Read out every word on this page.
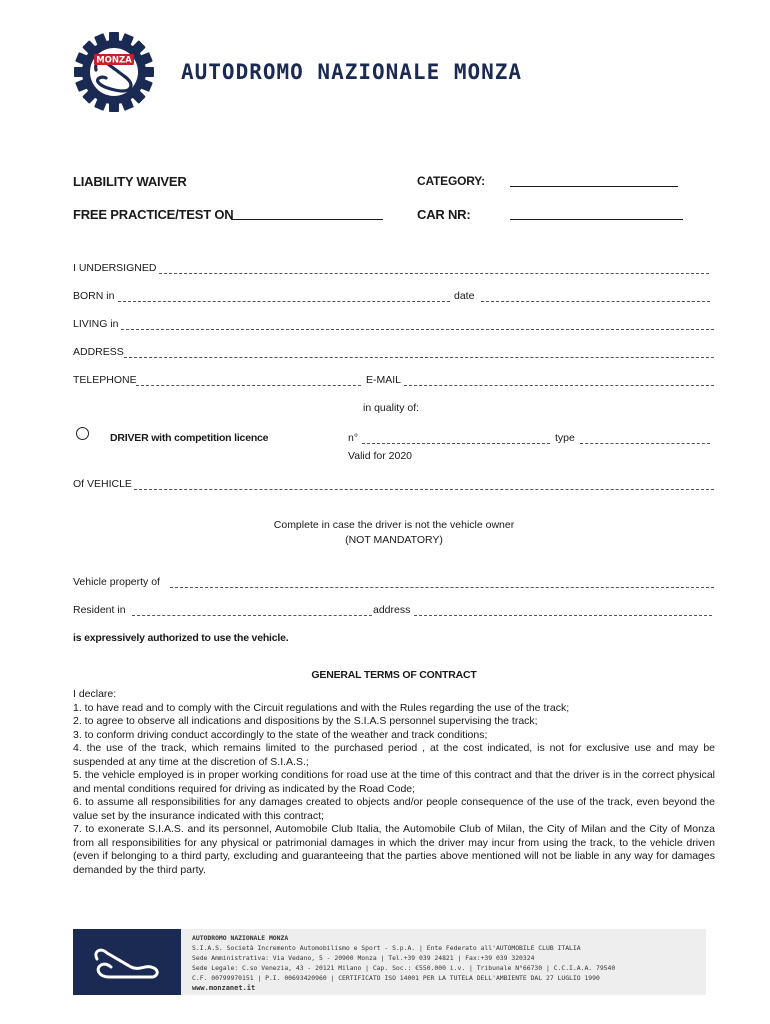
MONZA AUTODROMO NAZIONALE MONZA
LIABILITY WAIVER
FREE PRACTICE/TEST ON
CATEGORY:
CAR NR:
I UNDERSIGNED
BORN in	date
LIVING in
ADDRESS
TELEPHONE	E-MAIL
in quality of:
DRIVER with competition licence	n°	type
Valid for 2020
Of VEHICLE
Complete in case the driver is not the vehicle owner
(NOT MANDATORY)
Vehicle property of
Resident in	address
is expressively authorized to use the vehicle.
GENERAL TERMS OF CONTRACT
I declare:
1. to have read and to comply with the Circuit regulations and with the Rules regarding the use of the track;
2. to agree to observe all indications and dispositions by the S.I.A.S personnel supervising the track;
3. to conform driving conduct accordingly to the state of the weather and track conditions;
4. the use of the track, which remains limited to the purchased period , at the cost indicated, is not for exclusive use and may be suspended at any time at the discretion of S.I.A.S.;
5. the vehicle employed is in proper working conditions for road use at the time of this contract and that the driver is in the correct physical and mental conditions required for driving as indicated by the Road Code;
6. to assume all responsibilities for any damages created to objects and/or people consequence of the use of the track, even beyond the value set by the insurance indicated with this contract;
7. to exonerate S.I.A.S. and its personnel, Automobile Club Italia, the Automobile Club of Milan, the City of Milan and the City of Monza from all responsibilities for any physical or patrimonial damages in which the driver may incur from using the track, to the vehicle driven (even if belonging to a third party, excluding and guaranteeing that the parties above mentioned will not be liable in any way for damages demanded by the third party.
AUTODROMO NAZIONALE MONZA
S.I.A.S. Società Incremento Automobilismo e Sport - S.p.A. | Ente Federato all'AUTOMOBILE CLUB ITALIA
Sede Amministrativa: Via Vedano, 5 - 20900 Monza | Tel.+39 039 24821 | Fax:+39 039 320324
Sede Legale: C.so Venezia, 43 - 20121 Milano | Cap. Soc.: €550.000 i.v. | Tribunale N°66730 | C.C.I.A.A. 79540
C.F. 00799970151 | P.I. 00693420960 | CERTIFICATO ISO 14001 PER LA TUTELA DELL'AMBIENTE DAL 27 LUGLIO 1990
www.monzanet.it
